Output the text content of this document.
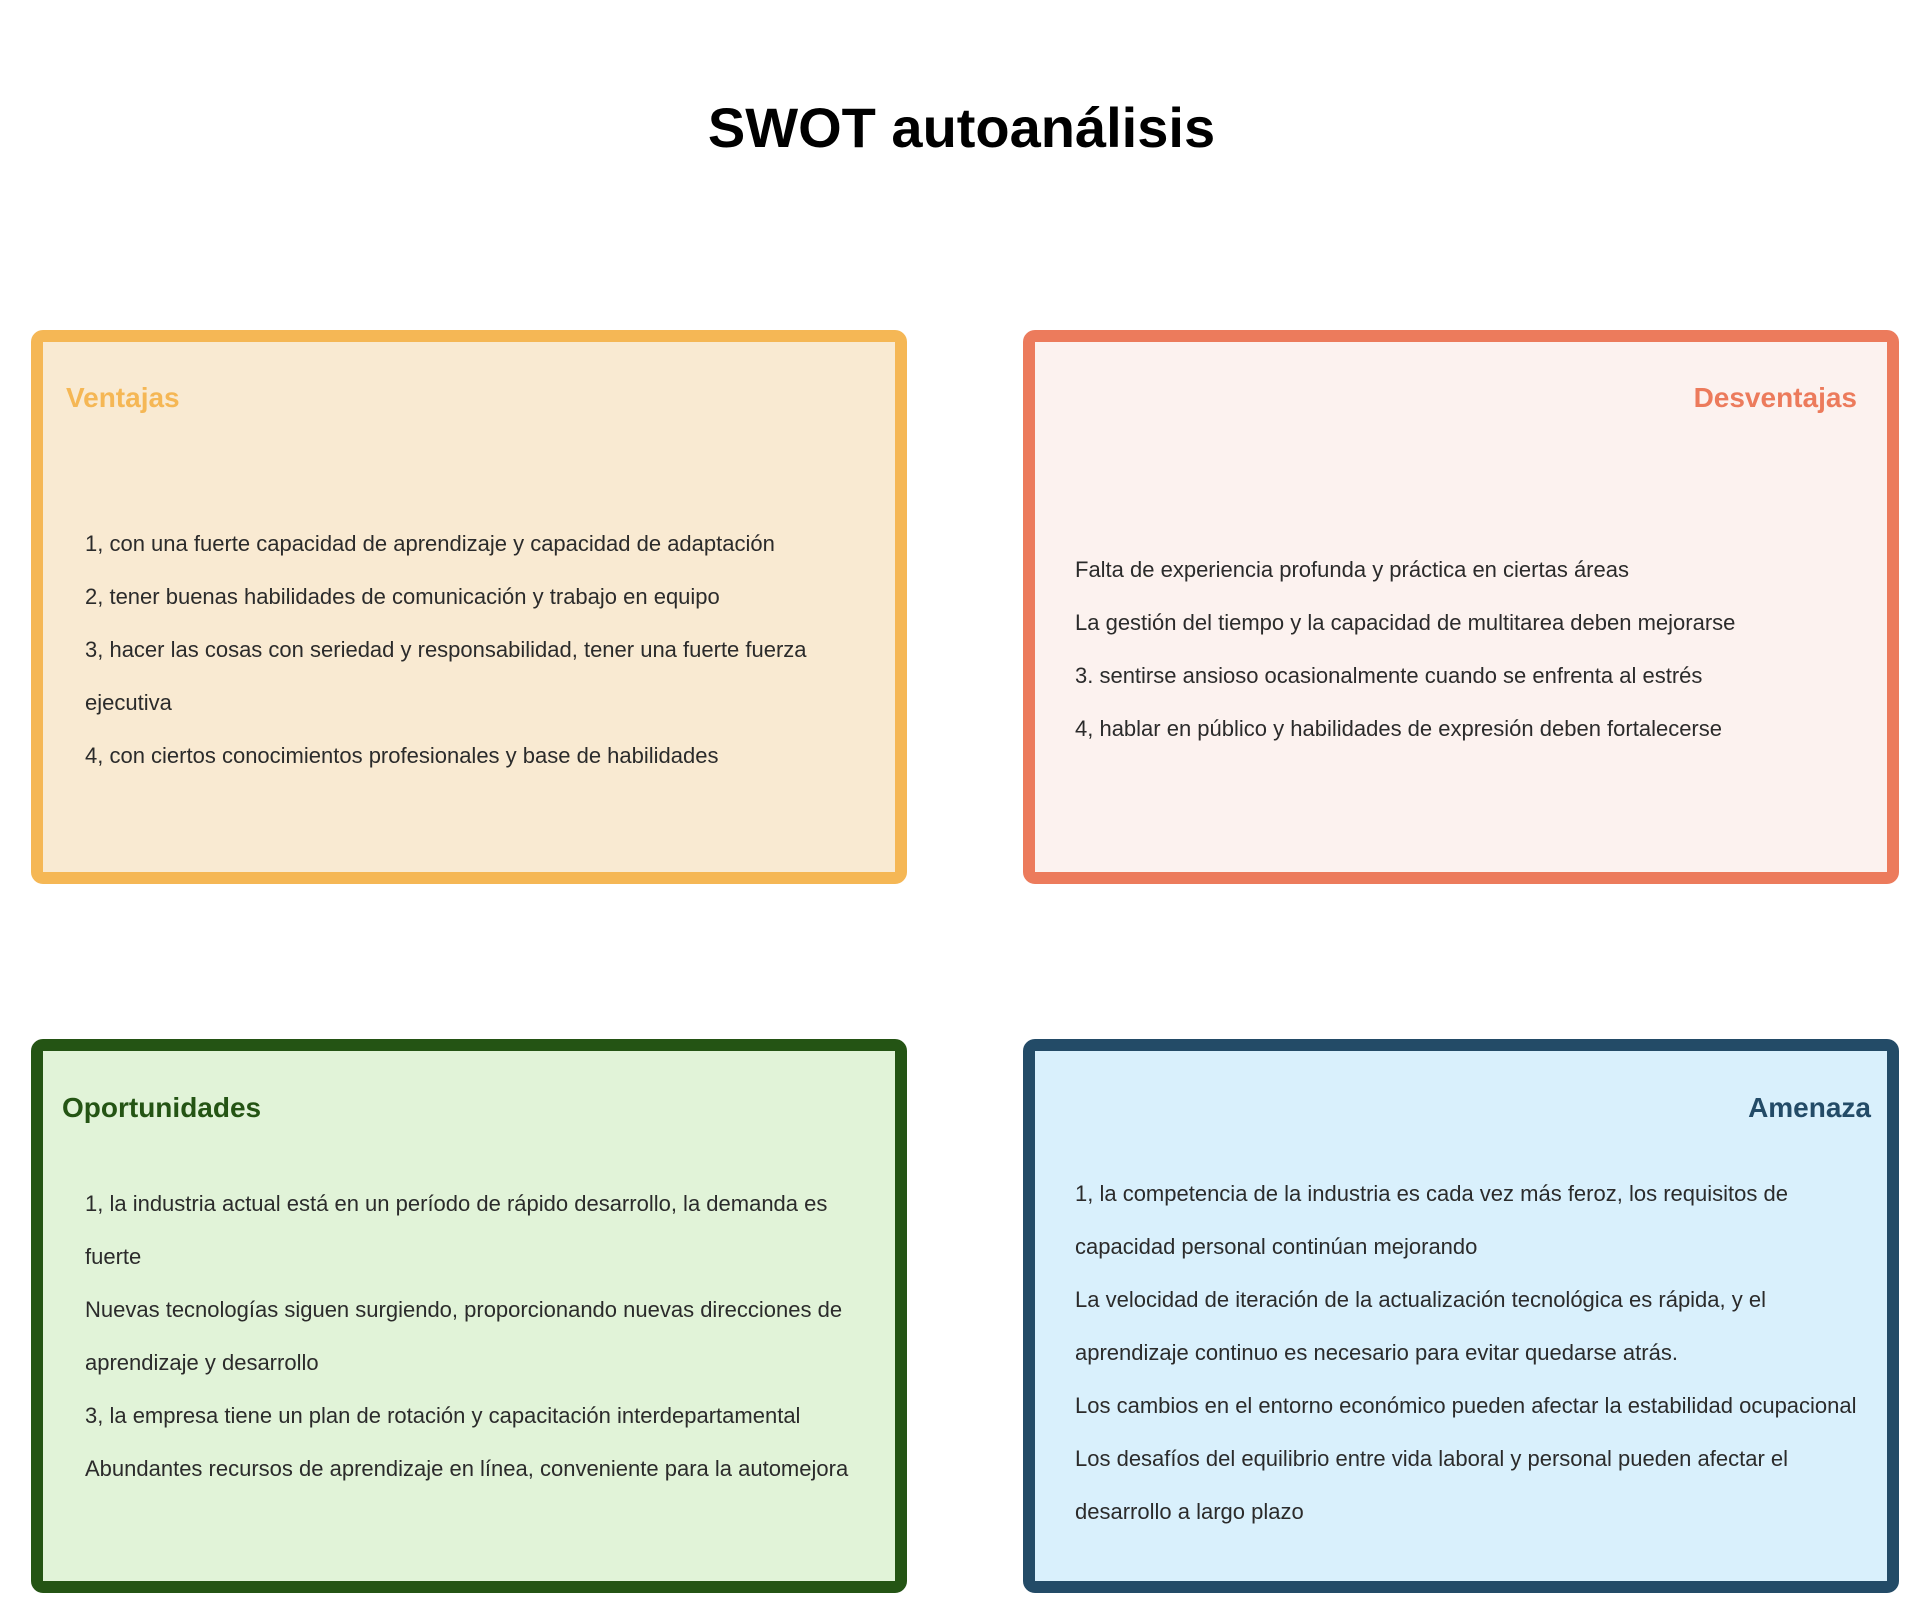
SWOT autoanálisis
Ventajas
1, con una fuerte capacidad de aprendizaje y capacidad de adaptación
2, tener buenas habilidades de comunicación y trabajo en equipo
3, hacer las cosas con seriedad y responsabilidad, tener una fuerte fuerza ejecutiva
4, con ciertos conocimientos profesionales y base de habilidades
Desventajas
Falta de experiencia profunda y práctica en ciertas áreas
La gestión del tiempo y la capacidad de multitarea deben mejorarse
3. sentirse ansioso ocasionalmente cuando se enfrenta al estrés
4, hablar en público y habilidades de expresión deben fortalecerse
Oportunidades
1, la industria actual está en un período de rápido desarrollo, la demanda es fuerte
Nuevas tecnologías siguen surgiendo, proporcionando nuevas direcciones de aprendizaje y desarrollo
3, la empresa tiene un plan de rotación y capacitación interdepartamental
Abundantes recursos de aprendizaje en línea, conveniente para la automejora
Amenaza
1, la competencia de la industria es cada vez más feroz, los requisitos de capacidad personal continúan mejorando
La velocidad de iteración de la actualización tecnológica es rápida, y el aprendizaje continuo es necesario para evitar quedarse atrás.
Los cambios en el entorno económico pueden afectar la estabilidad ocupacional
Los desafíos del equilibrio entre vida laboral y personal pueden afectar el desarrollo a largo plazo
